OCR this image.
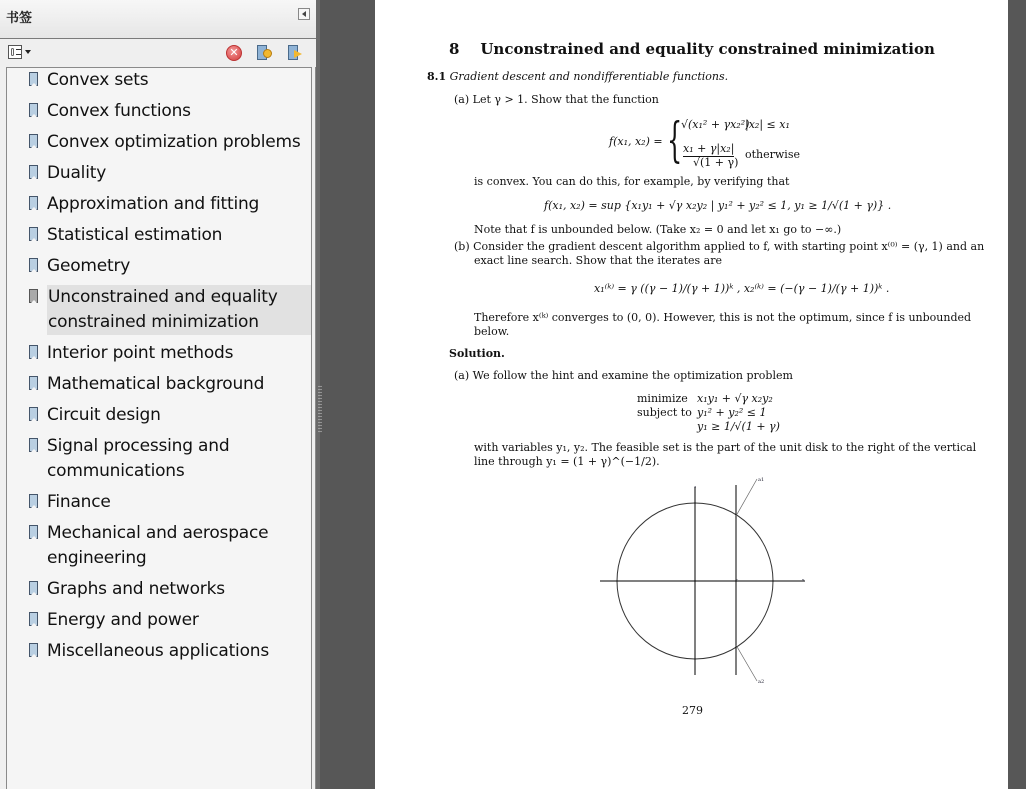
书签
✕
Convex sets
Convex functions
Convex optimization problems
Duality
Approximation and fitting
Statistical estimation
Geometry
Unconstrained and equality constrained minimization
Interior point methods
Mathematical background
Circuit design
Signal processing and communications
Finance
Mechanical and aerospace engineering
Graphs and networks
Energy and power
Miscellaneous applications
8 Unconstrained and equality constrained minimization
8.1 Gradient descent and nondifferentiable functions.
(a) Let γ > 1. Show that the function
f(x₁, x₂) = {
√(x₁² + γx₂²)
|x₂| ≤ x₁
x₁ + γ|x₂|
√(1 + γ)
otherwise
is convex. You can do this, for example, by verifying that
f(x₁, x₂) = sup {x₁y₁ + √γ x₂y₂ | y₁² + y₂² ≤ 1, y₁ ≥ 1/√(1 + γ)} .
Note that f is unbounded below. (Take x₂ = 0 and let x₁ go to −∞.)
(b) Consider the gradient descent algorithm applied to f, with starting point x⁽⁰⁾ = (γ, 1) and an
exact line search. Show that the iterates are
x₁⁽ᵏ⁾ = γ ((γ − 1)/(γ + 1))ᵏ , x₂⁽ᵏ⁾ = (−(γ − 1)/(γ + 1))ᵏ .
Therefore x⁽ᵏ⁾ converges to (0, 0). However, this is not the optimum, since f is unbounded
below.
Solution.
(a) We follow the hint and examine the optimization problem
minimize x₁y₁ + √γ x₂y₂
subject to y₁² + y₂² ≤ 1
y₁ ≥ 1/√(1 + γ)
with variables y₁, y₂. The feasible set is the part of the unit disk to the right of the vertical
line through y₁ = (1 + γ)^(−1/2).
a1
a2
z
x
c
279
